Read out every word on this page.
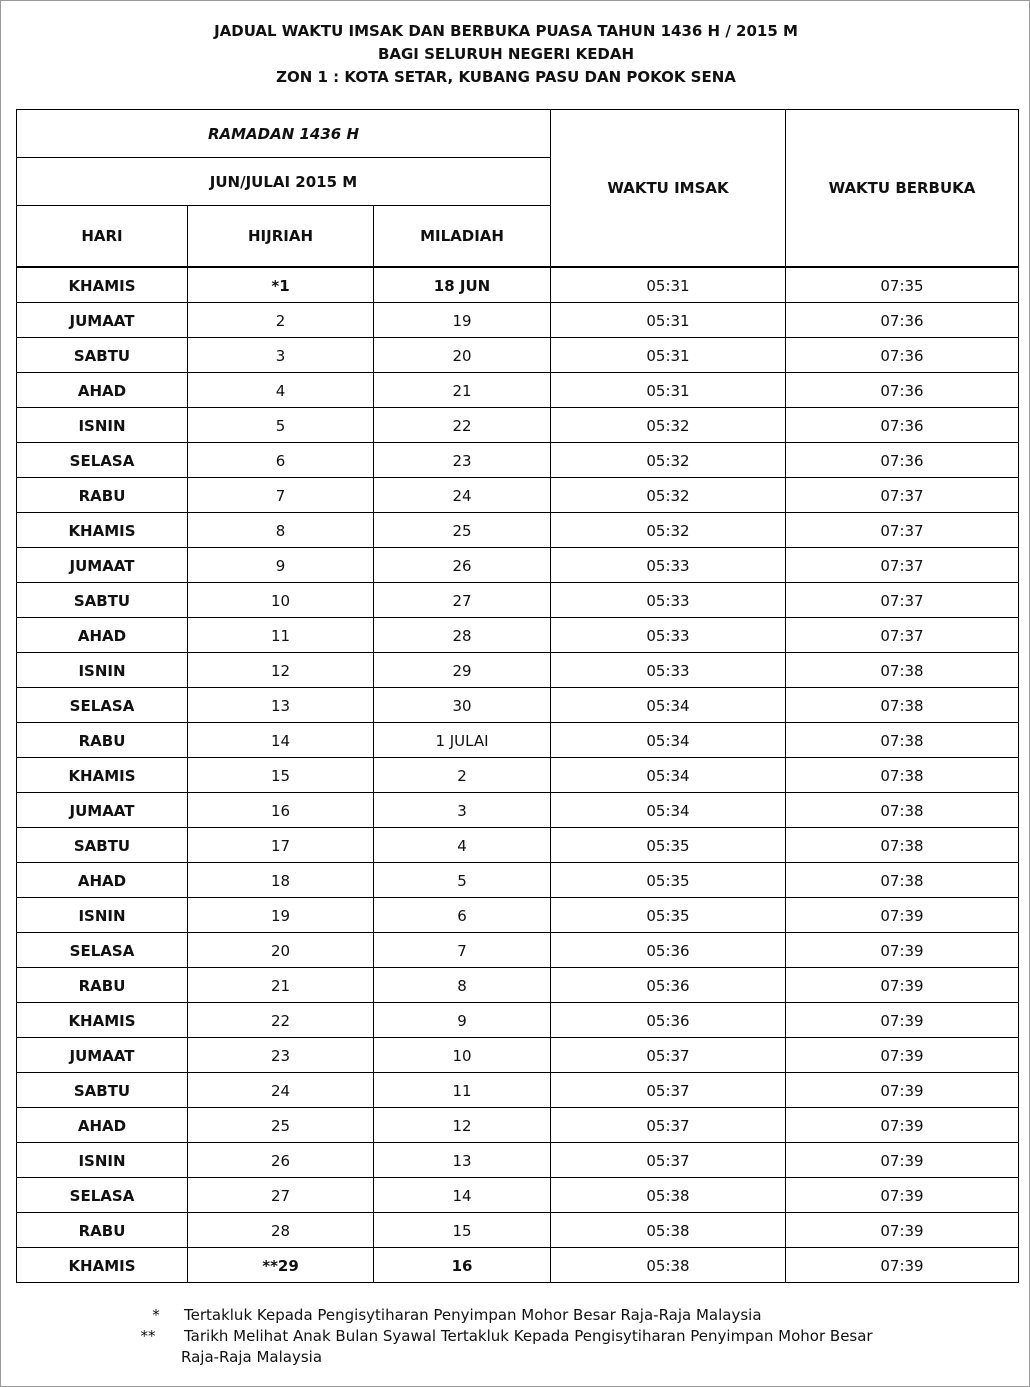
JADUAL WAKTU IMSAK DAN BERBUKA PUASA TAHUN 1436 H / 2015 M
BAGI SELURUH NEGERI KEDAH
ZON 1 : KOTA SETAR, KUBANG PASU DAN POKOK SENA
RAMADAN 1436 H			WAKTU IMSAK	WAKTU BERBUKA
JUN/JULAI 2015 M				
HARI	HIJRIAH	MILADIAH		
KHAMIS	*1	18 JUN	05:31	07:35
JUMAAT	2	19	05:31	07:36
SABTU	3	20	05:31	07:36
AHAD	4	21	05:31	07:36
ISNIN	5	22	05:32	07:36
SELASA	6	23	05:32	07:36
RABU	7	24	05:32	07:37
KHAMIS	8	25	05:32	07:37
JUMAAT	9	26	05:33	07:37
SABTU	10	27	05:33	07:37
AHAD	11	28	05:33	07:37
ISNIN	12	29	05:33	07:38
SELASA	13	30	05:34	07:38
RABU	14	1 JULAI	05:34	07:38
KHAMIS	15	2	05:34	07:38
JUMAAT	16	3	05:34	07:38
SABTU	17	4	05:35	07:38
AHAD	18	5	05:35	07:38
ISNIN	19	6	05:35	07:39
SELASA	20	7	05:36	07:39
RABU	21	8	05:36	07:39
KHAMIS	22	9	05:36	07:39
JUMAAT	23	10	05:37	07:39
SABTU	24	11	05:37	07:39
AHAD	25	12	05:37	07:39
ISNIN	26	13	05:37	07:39
SELASA	27	14	05:38	07:39
RABU	28	15	05:38	07:39
KHAMIS	**29	16	05:38	07:39
*	Tertakluk Kepada Pengisytiharan Penyimpan Mohor Besar Raja-Raja Malaysia
**	Tarikh Melihat Anak Bulan Syawal Tertakluk Kepada Pengisytiharan Penyimpan Mohor Besar
Raja-Raja Malaysia
